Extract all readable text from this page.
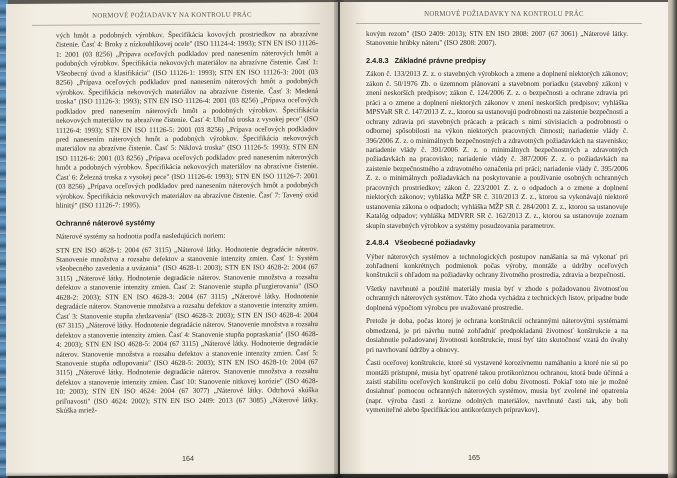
NORMOVÉ POŽIADAVKY NA KONTROLU PRÁC

vých hmôt a podobných výrobkov. Špecifikácia kovových prostriedkov na abrazívne čistenie. Časť 4: Broky z nízkouhlíkovej ocele" (ISO 11124-4: 1993); STN EN ISO 11126-1: 2001 (03 8256) „Prípava oceľových podkladov pred nanesením náterových hmôt a podobných výrobkov. Špecifikácia nekovových materiálov na abrazívne čistenie. Časť 1: Všeobecný úvod a klasifikácia" (ISO 11126-1: 1993); STN EN ISO 11126-3: 2001 (03 8256) „Prípava oceľových podkladov pred nanesením náterových hmôt a podobných výrobkov. Špecifikácia nekovových materiálov na abrazívne čistenie. Časť 3: Medená troska" (ISO 11126-3: 1993); STN EN ISO 11126-4: 2001 (03 8256) „Prípava oceľových podkladov pred nanesením náterových hmôt a podobných výrobkov. Špecifikácia nekovových materiálov na abrazívne čistenie. Časť 4: Uhoľná troska z vysokej pece" (ISO 11126-4: 1993); STN EN ISO 11126-5: 2001 (03 8256) „Prípava oceľových podkladov pred nanesením náterových hmôt a podobných výrobkov. Špecifikácia nekovových materiálov na abrazívne čistenie. Časť 5: Niklová troska" (ISO 11126-5: 1993); STN EN ISO 11126-6: 2001 (03 8256) „Prípava oceľových podkladov pred nanesením náterových hmôt a podobných výrobkov. Špecifikácia nekovových materiálov na abrazívne čistenie. Časť 6: Železná troska z vysokej pece" (ISO 11126-6: 1993); STN EN ISO 11126-7: 2001 (03 8256) „Prípava oceľových podkladov pred nanesením náterových hmôt a podobných výrobkov. Špecifikácia nekovových materiálov na abrazívne čistenie. Časť 7: Tavený oxid hlinitý" (ISO 11126-7: 1995).

Ochranné náterové systémy

Náterové systémy sa hodnotia podľa nasledujúcich noriem:

STN EN ISO 4628-1: 2004 (67 3115) „Náterové látky. Hodnotenie degradácie náterov. Stanovenie množstva a rozsahu defektov a stanovenie intenzity zmien. Časť 1: Systém všeobecného zavedenia a uvázania" (ISO 4628-1: 2003); STN EN ISO 4628-2: 2004 (67 3115) „Náterové látky. Hodnotenie degradácie náterov. Stanovenie množstva a rozsahu defektov a stanovenie intenzity zmien. Časť 2: Stanovenie stupňa pľuzgierovania" (ISO 4628-2: 2003); STN EN ISO 4628-3: 2004 (67 3115) „Náterové látky. Hodnotenie degradácie náterov. Stanovenie množstva a rozsahu defektov a stanovenie intenzity zmien. Časť 3: Stanovenie stupňa zhrdzavenia" (ISO 4628-3: 2003); STN EN ISO 4628-4: 2004 (67 3115) „Náterové látky. Hodnotenie degradácie náterov. Stanovenie množstva a rozsahu defektov a stanovenie intenzity zmien. Časť 4: Stanovenie stupňa popraskania" (ISO 4628-4: 2003); STN EN ISO 4628-5: 2004 (67 3115) „Náterové látky. Hodnotenie degradácie náterov. Stanovenie množstva a rozsahu defektov a stanovenie intenzity zmien. Časť 5: Stanovenie stupňa odlupovania" (ISO 4628-5: 2003); STN EN ISO 4628-10: 2004 (67 3115) „Náterové látky. Hodnotenie degradácie náterov. Stanovenie množstva a rozsahu defektov a stanovenie intenzity zmien. Časť 10: Stanovenie nitkovej korózie" (ISO 4628-10: 2003); STN EN ISO 4624: 2004 (67 3077) „Náterové látky. Odtrhová skúška priľnavosti" (ISO 4624: 2002); STN EN ISO 2409: 2013 (67 3085) „Náterové látky. Skúška mriež-

164
NORMOVÉ POŽIADAVKY NA KONTROLU PRÁC

kovým rezom" (ISO 2409: 2013); STN EN ISO 2808: 2007 (67 3061) „Náterové látky. Stanovenie hrúbky náteru" (ISO 2808: 2007).

2.4.8.3 Základné právne predpisy

Zákon č. 133/2013 Z. z. o stavebných výrobkoch a zmene a doplnení niektorých zákonov; zákon č. 50/1976 Zb. o územnom plánovaní a stavebnom poriadku (stavebný zákon) v znení neskorších predpisov; zákon č. 124/2006 Z. z. o bezpečnosti a ochrane zdravia pri práci a o zmene a doplnení niektorých zákonov v znení neskorších predpisov; vyhláška MPSVaR SR č. 147/2013 Z. z., ktorou sa ustanovujú podrobnosti na zaistenie bezpečnosti a ochrany zdravia pri stavebných prácach a prácach s nimi súvisiacich a podrobnosti o odbornej spôsobilosti na výkon niektorých pracovných činností; nariadenie vlády č. 396/2006 Z. z. o minimálnych bezpečnostných a zdravotných požiadavkách na stavenisko; nariadenie vlády č. 391/2006 Z. z. o minimálnych bezpečnostných a zdravotných požiadavkách na pracovisko; nariadenie vlády č. 387/2006 Z. z. o požiadavkách na zaistenie bezpečnostného a zdravotného označenia pri práci; nariadenie vlády č. 395/2006 Z. z. o minimálnych požiadavkách na poskytovanie a používanie osobných ochranných pracovných prostriedkov; zákon č. 223/2001 Z. z. o odpadoch a o zmene a doplnení niektorých zákonov; vyhláška MŽP SR č. 310/2013 Z. z., ktorou sa vykonávajú niektoré ustanovenia zákona o odpadoch; vyhláška MŽP SR č. 284/2001 Z. z., ktorou sa ustanovuje Katalóg odpadov; vyhláška MDVRR SR č. 162/2013 Z. z., ktorou sa ustanovuje zoznam skupín stavebných výrobkov a systémy posudzovania parametrov.

2.4.8.4 Všeobecné požiadavky

Výber náterových systémov a technologických postupov nanášania sa má vykonať pri zohľadnení konkrétnych podmienok počas výroby, montáže a údržby oceľových konštrukcií s ohľadom na požiadavky ochrany životného prostredia, zdravia a bezpečnosti.

Všetky navrhnuté a použité materiály musia byť v zhode s požadovanou životnosťou ochranných náterových systémov. Táto zhoda vychádza z technických listov, prípadne bude doplnená výpočtom výrobcu pre uvažované prostredie.

Pretože je doba, počas ktorej je ochrana konštrukcií ochrannými náterovými systémami obmedzená, je pri návrhu nutné zohľadniť predpokladanú životnosť konštrukcie a na dosiahnutie požadovanej životnosti konštrukcie, musí byť táto skutočnosť vzatá do úvahy pri navrhovaní údržby a obnovy.

Časti oceľovej konštrukcie, ktoré sú vystavené korozívnemu namáhaniu a ktoré nie sú po montáži prístupné, musia byť opatrené takou protikoróznou ochranou, ktorá bude účinná a zaistí stabilitu oceľových konštrukcií po celú dobu životnosti. Pokiaľ toto nie je možné dosiahnuť pomocou ochranných náterových systémov, musia byť zvolené iné opatrenia (napr. výroba častí z korózne odolných materiálov, navrhnuté časti tak, aby boli vymeniteľné alebo špecifikáciou antikoróznych prípravkov).

165
